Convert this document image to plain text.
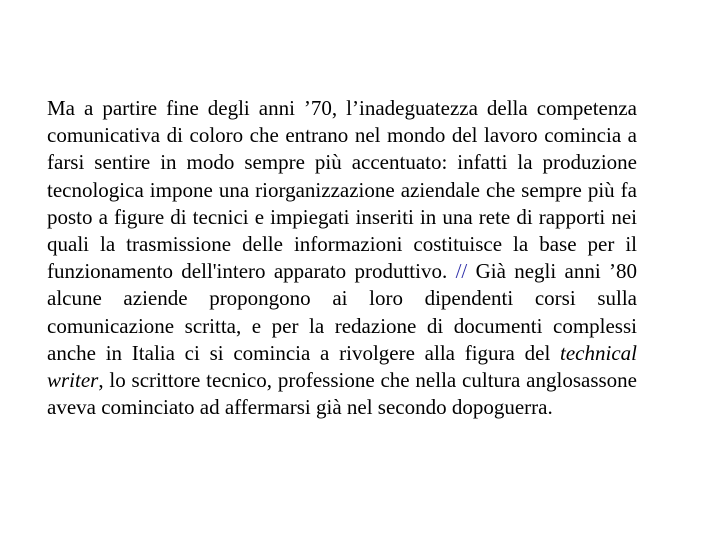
Ma a partire fine degli anni ’70, l’inadeguatezza della competenza comunicativa di coloro che entrano nel mondo del lavoro comincia a farsi sentire in modo sempre più accentuato: infatti la produzione tecnologica impone una riorganizzazione aziendale che sempre più fa posto a figure di tecnici e impiegati inseriti in una rete di rapporti nei quali la trasmissione delle informazioni costituisce la base per il funzionamento dell'intero apparato produttivo. // Già negli anni ’80 alcune aziende propongono ai loro dipendenti corsi sulla comunicazione scritta, e per la redazione di documenti complessi anche in Italia ci si comincia a rivolgere alla figura del technical writer, lo scrittore tecnico, professione che nella cultura anglosassone aveva cominciato ad affermarsi già nel secondo dopoguerra.
